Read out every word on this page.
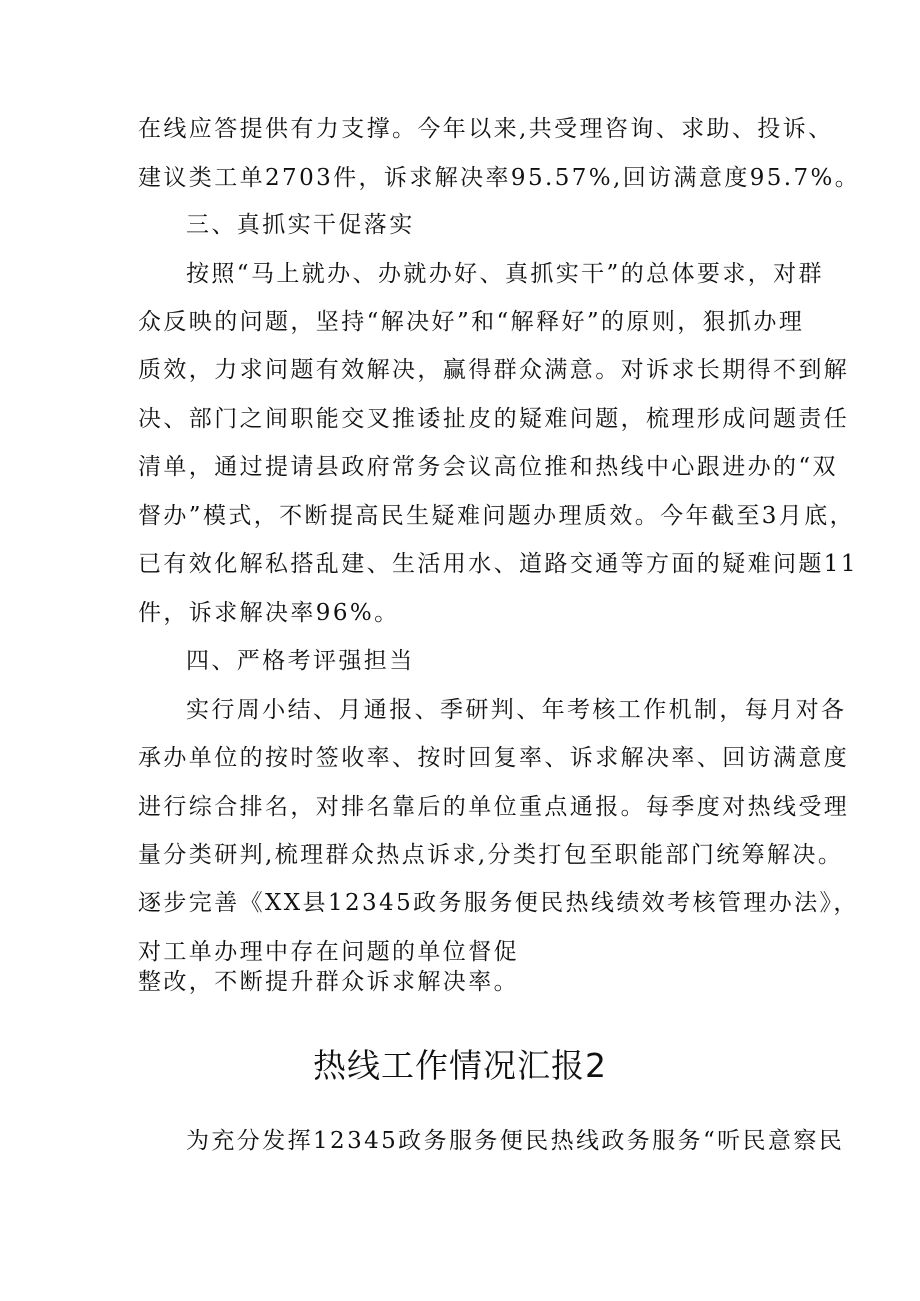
在线应答提供有力支撑。今年以来,共受理咨询、求助、投诉、

建议类工单2703件，诉求解决率95.57%,回访满意度95.7%。

三、真抓实干促落实

按照“马上就办、办就办好、真抓实干”的总体要求，对群

众反映的问题，坚持“解决好”和“解释好”的原则，狠抓办理

质效，力求问题有效解决，赢得群众满意。对诉求长期得不到解

决、部门之间职能交叉推诿扯皮的疑难问题，梳理形成问题责任

清单，通过提请县政府常务会议高位推和热线中心跟进办的“双

督办”模式，不断提高民生疑难问题办理质效。今年截至3月底，

已有效化解私搭乱建、生活用水、道路交通等方面的疑难问题11

件，诉求解决率96%。

四、严格考评强担当

实行周小结、月通报、季研判、年考核工作机制，每月对各

承办单位的按时签收率、按时回复率、诉求解决率、回访满意度

进行综合排名，对排名靠后的单位重点通报。每季度对热线受理

量分类研判,梳理群众热点诉求,分类打包至职能部门统筹解决。

逐步完善《XX县12345政务服务便民热线绩效考核管理办法》，

对工单办理中存在问题的单位督促

整改，不断提升群众诉求解决率。

热线工作情况汇报2

为充分发挥12345政务服务便民热线政务服务“听民意察民
